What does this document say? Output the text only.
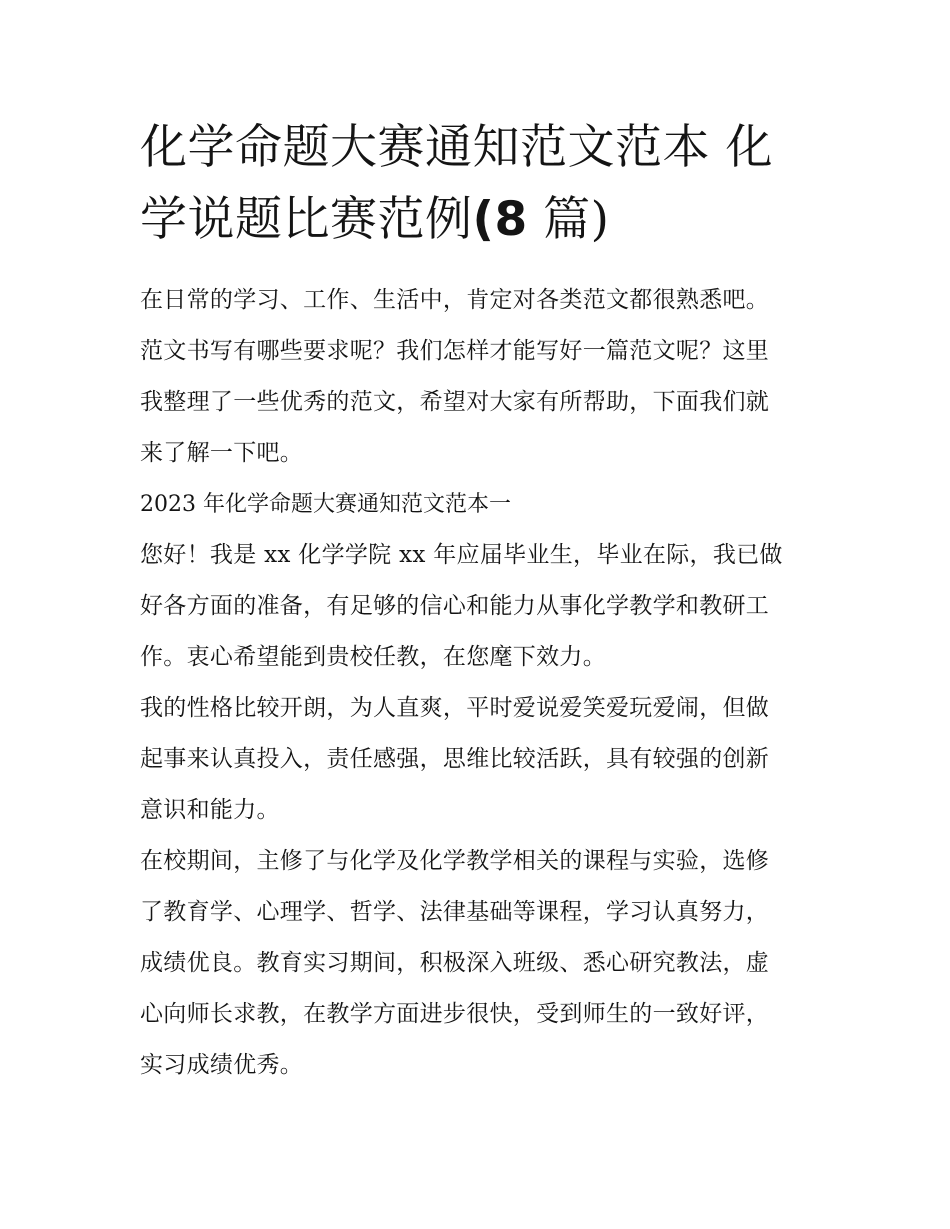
化学命题大赛通知范文范本 化
学说题比赛范例(8 篇)

在日常的学习、工作、生活中，肯定对各类范文都很熟悉吧。
范文书写有哪些要求呢？我们怎样才能写好一篇范文呢？这里
我整理了一些优秀的范文，希望对大家有所帮助，下面我们就
来了解一下吧。

2023 年化学命题大赛通知范文范本一

您好！我是 xx 化学学院 xx 年应届毕业生，毕业在际，我已做
好各方面的准备，有足够的信心和能力从事化学教学和教研工
作。衷心希望能到贵校任教，在您麾下效力。

我的性格比较开朗，为人直爽，平时爱说爱笑爱玩爱闹，但做
起事来认真投入，责任感强，思维比较活跃，具有较强的创新
意识和能力。

在校期间，主修了与化学及化学教学相关的课程与实验，选修
了教育学、心理学、哲学、法律基础等课程，学习认真努力，
成绩优良。教育实习期间，积极深入班级、悉心研究教法，虚
心向师长求教，在教学方面进步很快，受到师生的一致好评，
实习成绩优秀。
